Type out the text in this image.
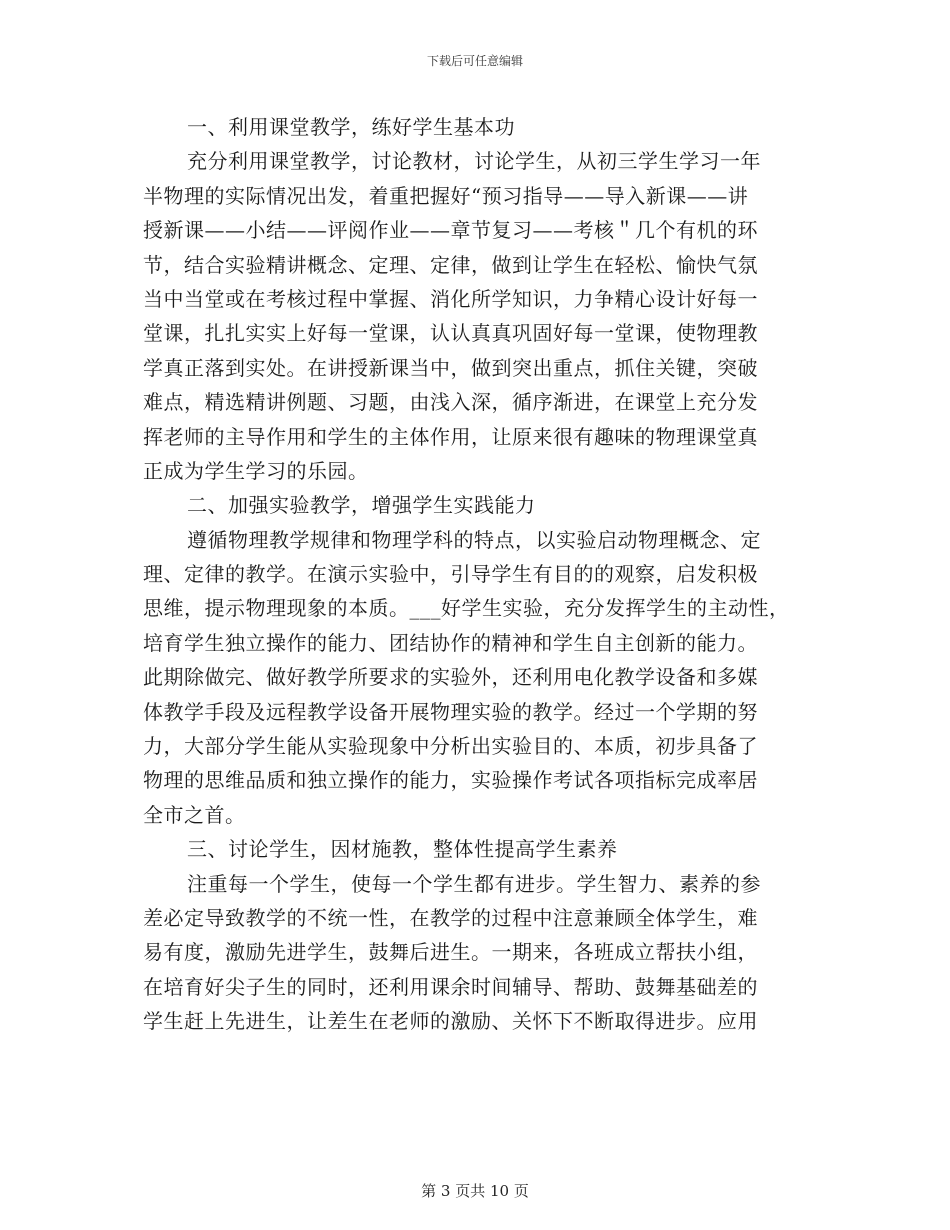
下载后可任意编辑
一、利用课堂教学，练好学生基本功
充分利用课堂教学，讨论教材，讨论学生，从初三学生学习一年
半物理的实际情况出发，着重把握好“预习指导——导入新课——讲
授新课——小结——评阅作业——章节复习——考核＂几个有机的环
节，结合实验精讲概念、定理、定律，做到让学生在轻松、愉快气氛
当中当堂或在考核过程中掌握、消化所学知识，力争精心设计好每一
堂课，扎扎实实上好每一堂课，认认真真巩固好每一堂课，使物理教
学真正落到实处。在讲授新课当中，做到突出重点，抓住关键，突破
难点，精选精讲例题、习题，由浅入深，循序渐进，在课堂上充分发
挥老师的主导作用和学生的主体作用，让原来很有趣味的物理课堂真
正成为学生学习的乐园。
二、加强实验教学，增强学生实践能力
遵循物理教学规律和物理学科的特点，以实验启动物理概念、定
理、定律的教学。在演示实验中，引导学生有目的的观察，启发积极
思维，提示物理现象的本质。___好学生实验，充分发挥学生的主动性，
培育学生独立操作的能力、团结协作的精神和学生自主创新的能力。
此期除做完、做好教学所要求的实验外，还利用电化教学设备和多媒
体教学手段及远程教学设备开展物理实验的教学。经过一个学期的努
力，大部分学生能从实验现象中分析出实验目的、本质，初步具备了
物理的思维品质和独立操作的能力，实验操作考试各项指标完成率居
全市之首。
三、讨论学生，因材施教，整体性提高学生素养
注重每一个学生，使每一个学生都有进步。学生智力、素养的参
差必定导致教学的不统一性，在教学的过程中注意兼顾全体学生，难
易有度，激励先进学生，鼓舞后进生。一期来，各班成立帮扶小组，
在培育好尖子生的同时，还利用课余时间辅导、帮助、鼓舞基础差的
学生赶上先进生，让差生在老师的激励、关怀下不断取得进步。应用
第 3 页共 10 页
